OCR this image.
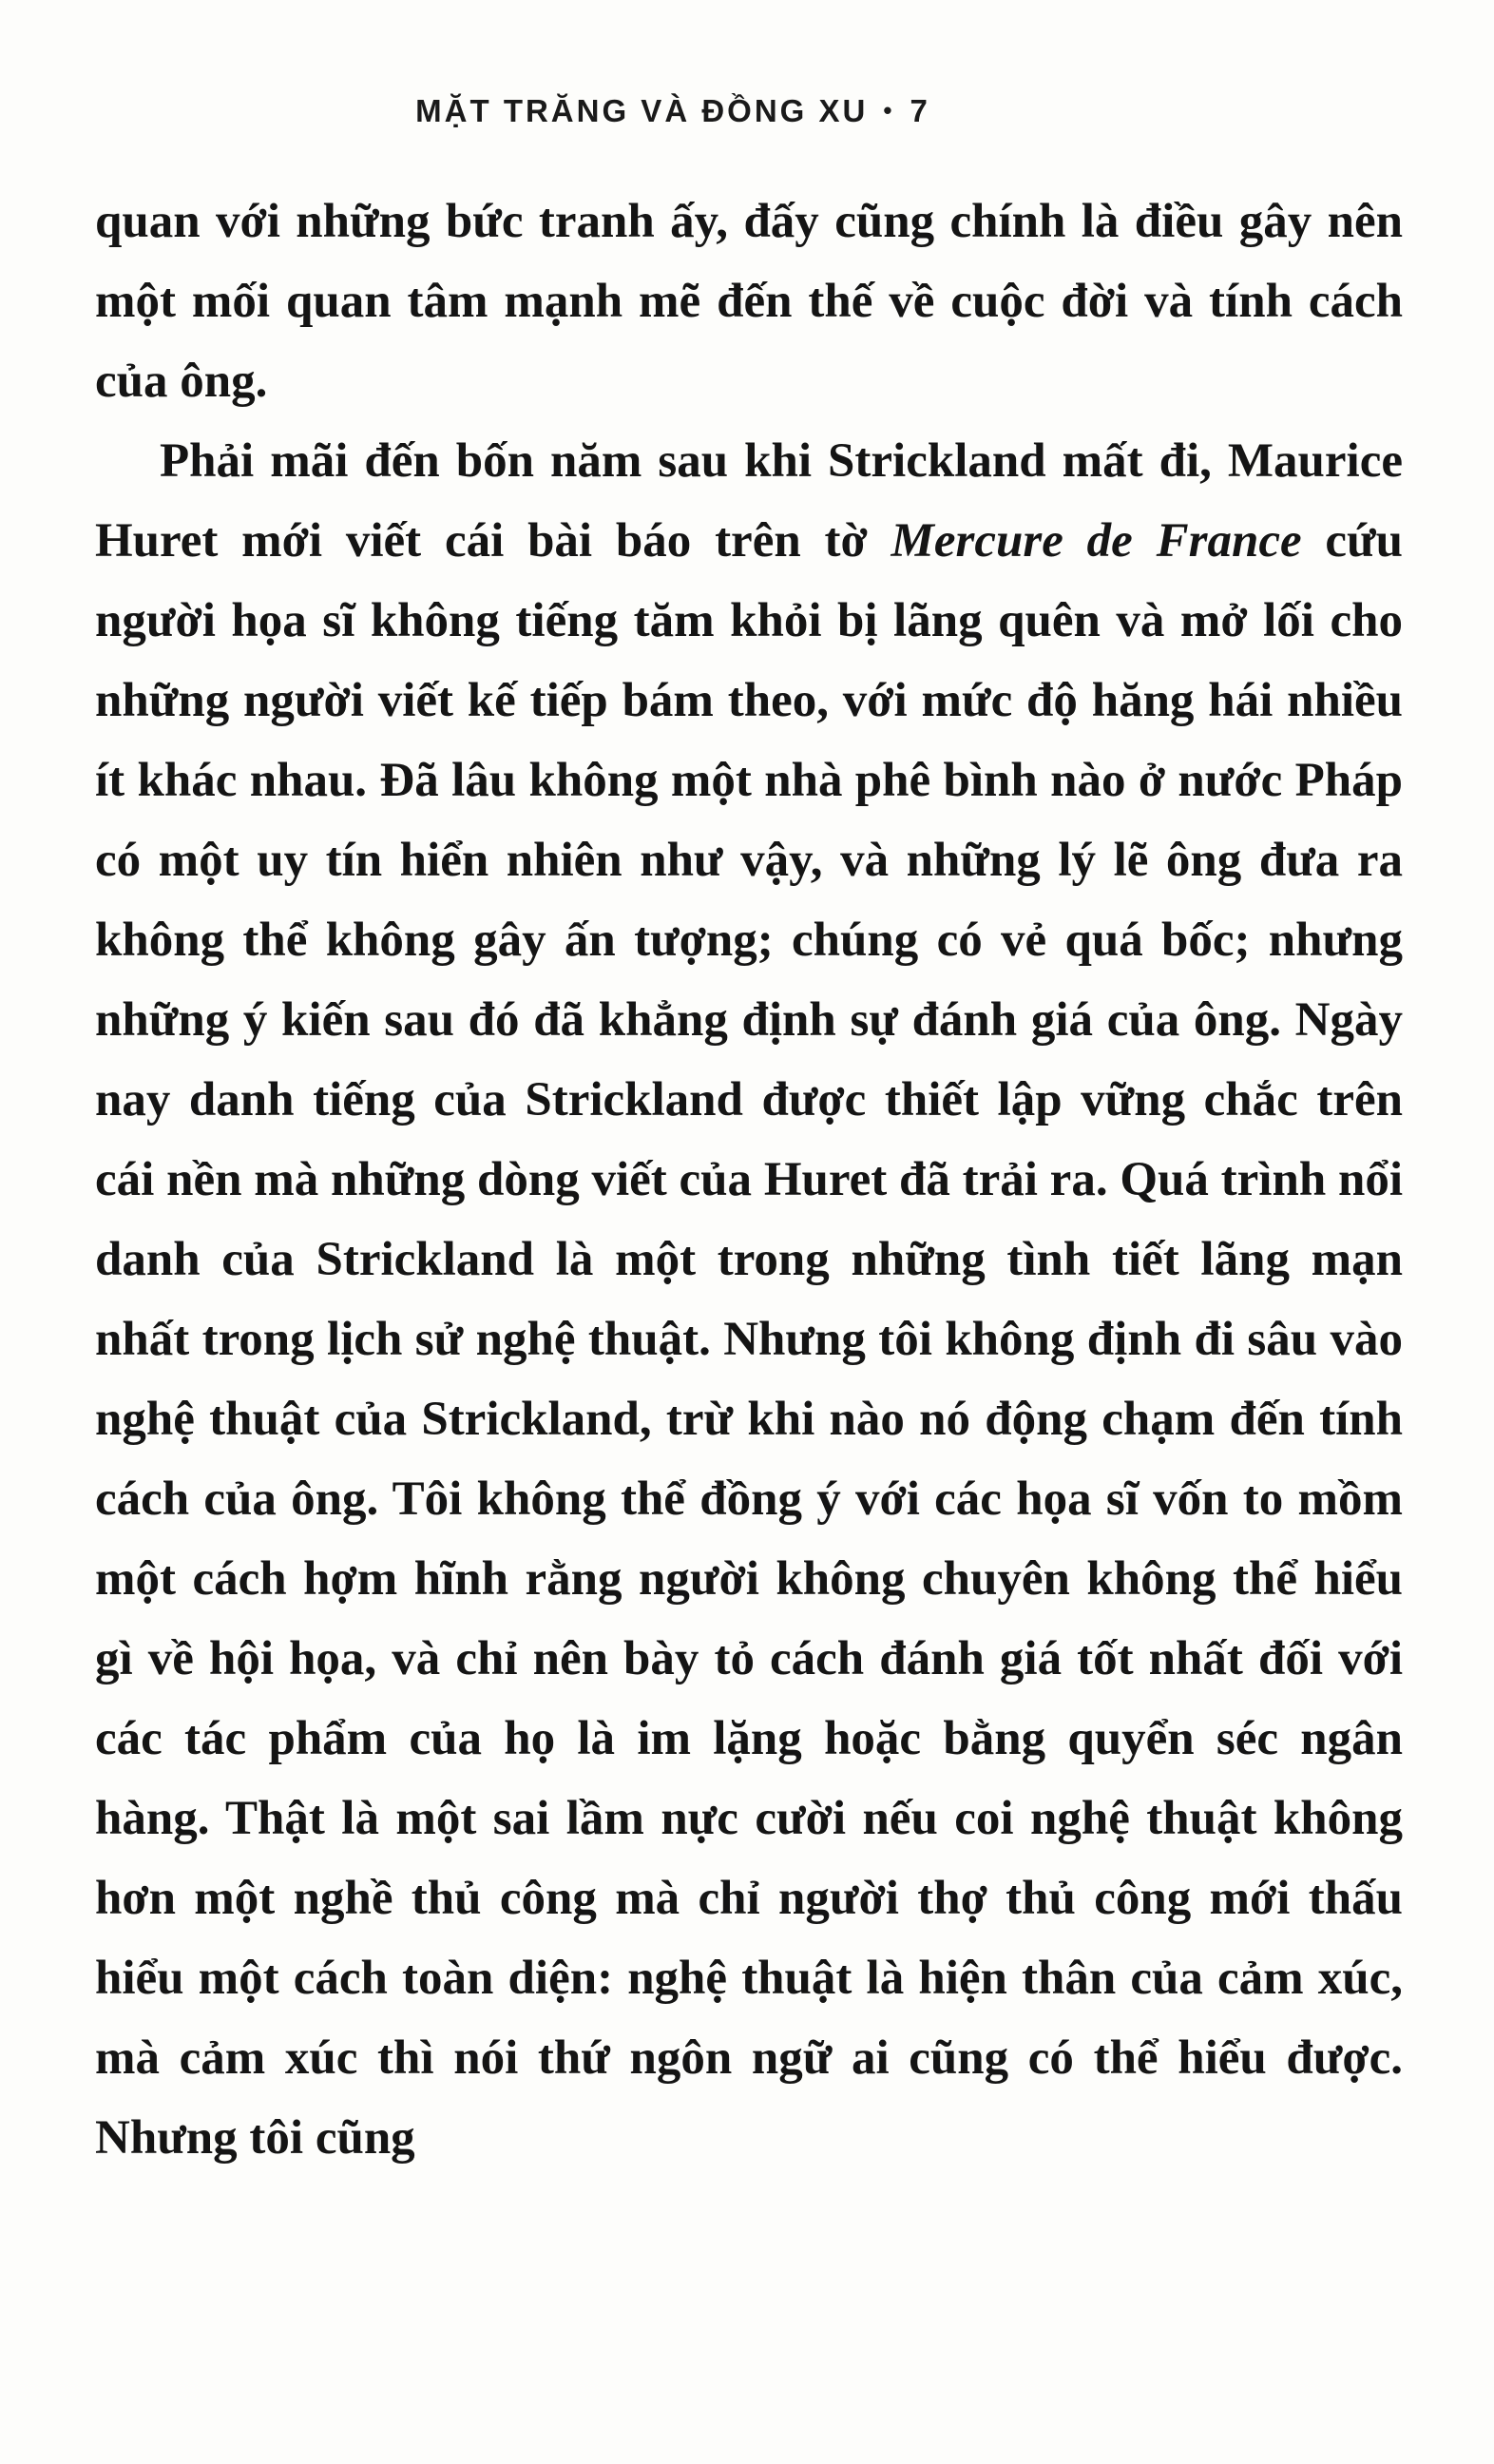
MẶT TRĂNG VÀ ĐỒNG XU • 7

quan với những bức tranh ấy, đấy cũng chính là điều gây nên một mối quan tâm mạnh mẽ đến thế về cuộc đời và tính cách của ông.

Phải mãi đến bốn năm sau khi Strickland mất đi, Maurice Huret mới viết cái bài báo trên tờ Mercure de France cứu người họa sĩ không tiếng tăm khỏi bị lãng quên và mở lối cho những người viết kế tiếp bám theo, với mức độ hăng hái nhiều ít khác nhau. Đã lâu không một nhà phê bình nào ở nước Pháp có một uy tín hiển nhiên như vậy, và những lý lẽ ông đưa ra không thể không gây ấn tượng; chúng có vẻ quá bốc; nhưng những ý kiến sau đó đã khẳng định sự đánh giá của ông. Ngày nay danh tiếng của Strickland được thiết lập vững chắc trên cái nền mà những dòng viết của Huret đã trải ra. Quá trình nổi danh của Strickland là một trong những tình tiết lãng mạn nhất trong lịch sử nghệ thuật. Nhưng tôi không định đi sâu vào nghệ thuật của Strickland, trừ khi nào nó động chạm đến tính cách của ông. Tôi không thể đồng ý với các họa sĩ vốn to mồm một cách hợm hĩnh rằng người không chuyên không thể hiểu gì về hội họa, và chỉ nên bày tỏ cách đánh giá tốt nhất đối với các tác phẩm của họ là im lặng hoặc bằng quyển séc ngân hàng. Thật là một sai lầm nực cười nếu coi nghệ thuật không hơn một nghề thủ công mà chỉ người thợ thủ công mới thấu hiểu một cách toàn diện: nghệ thuật là hiện thân của cảm xúc, mà cảm xúc thì nói thứ ngôn ngữ ai cũng có thể hiểu được. Nhưng tôi cũng
